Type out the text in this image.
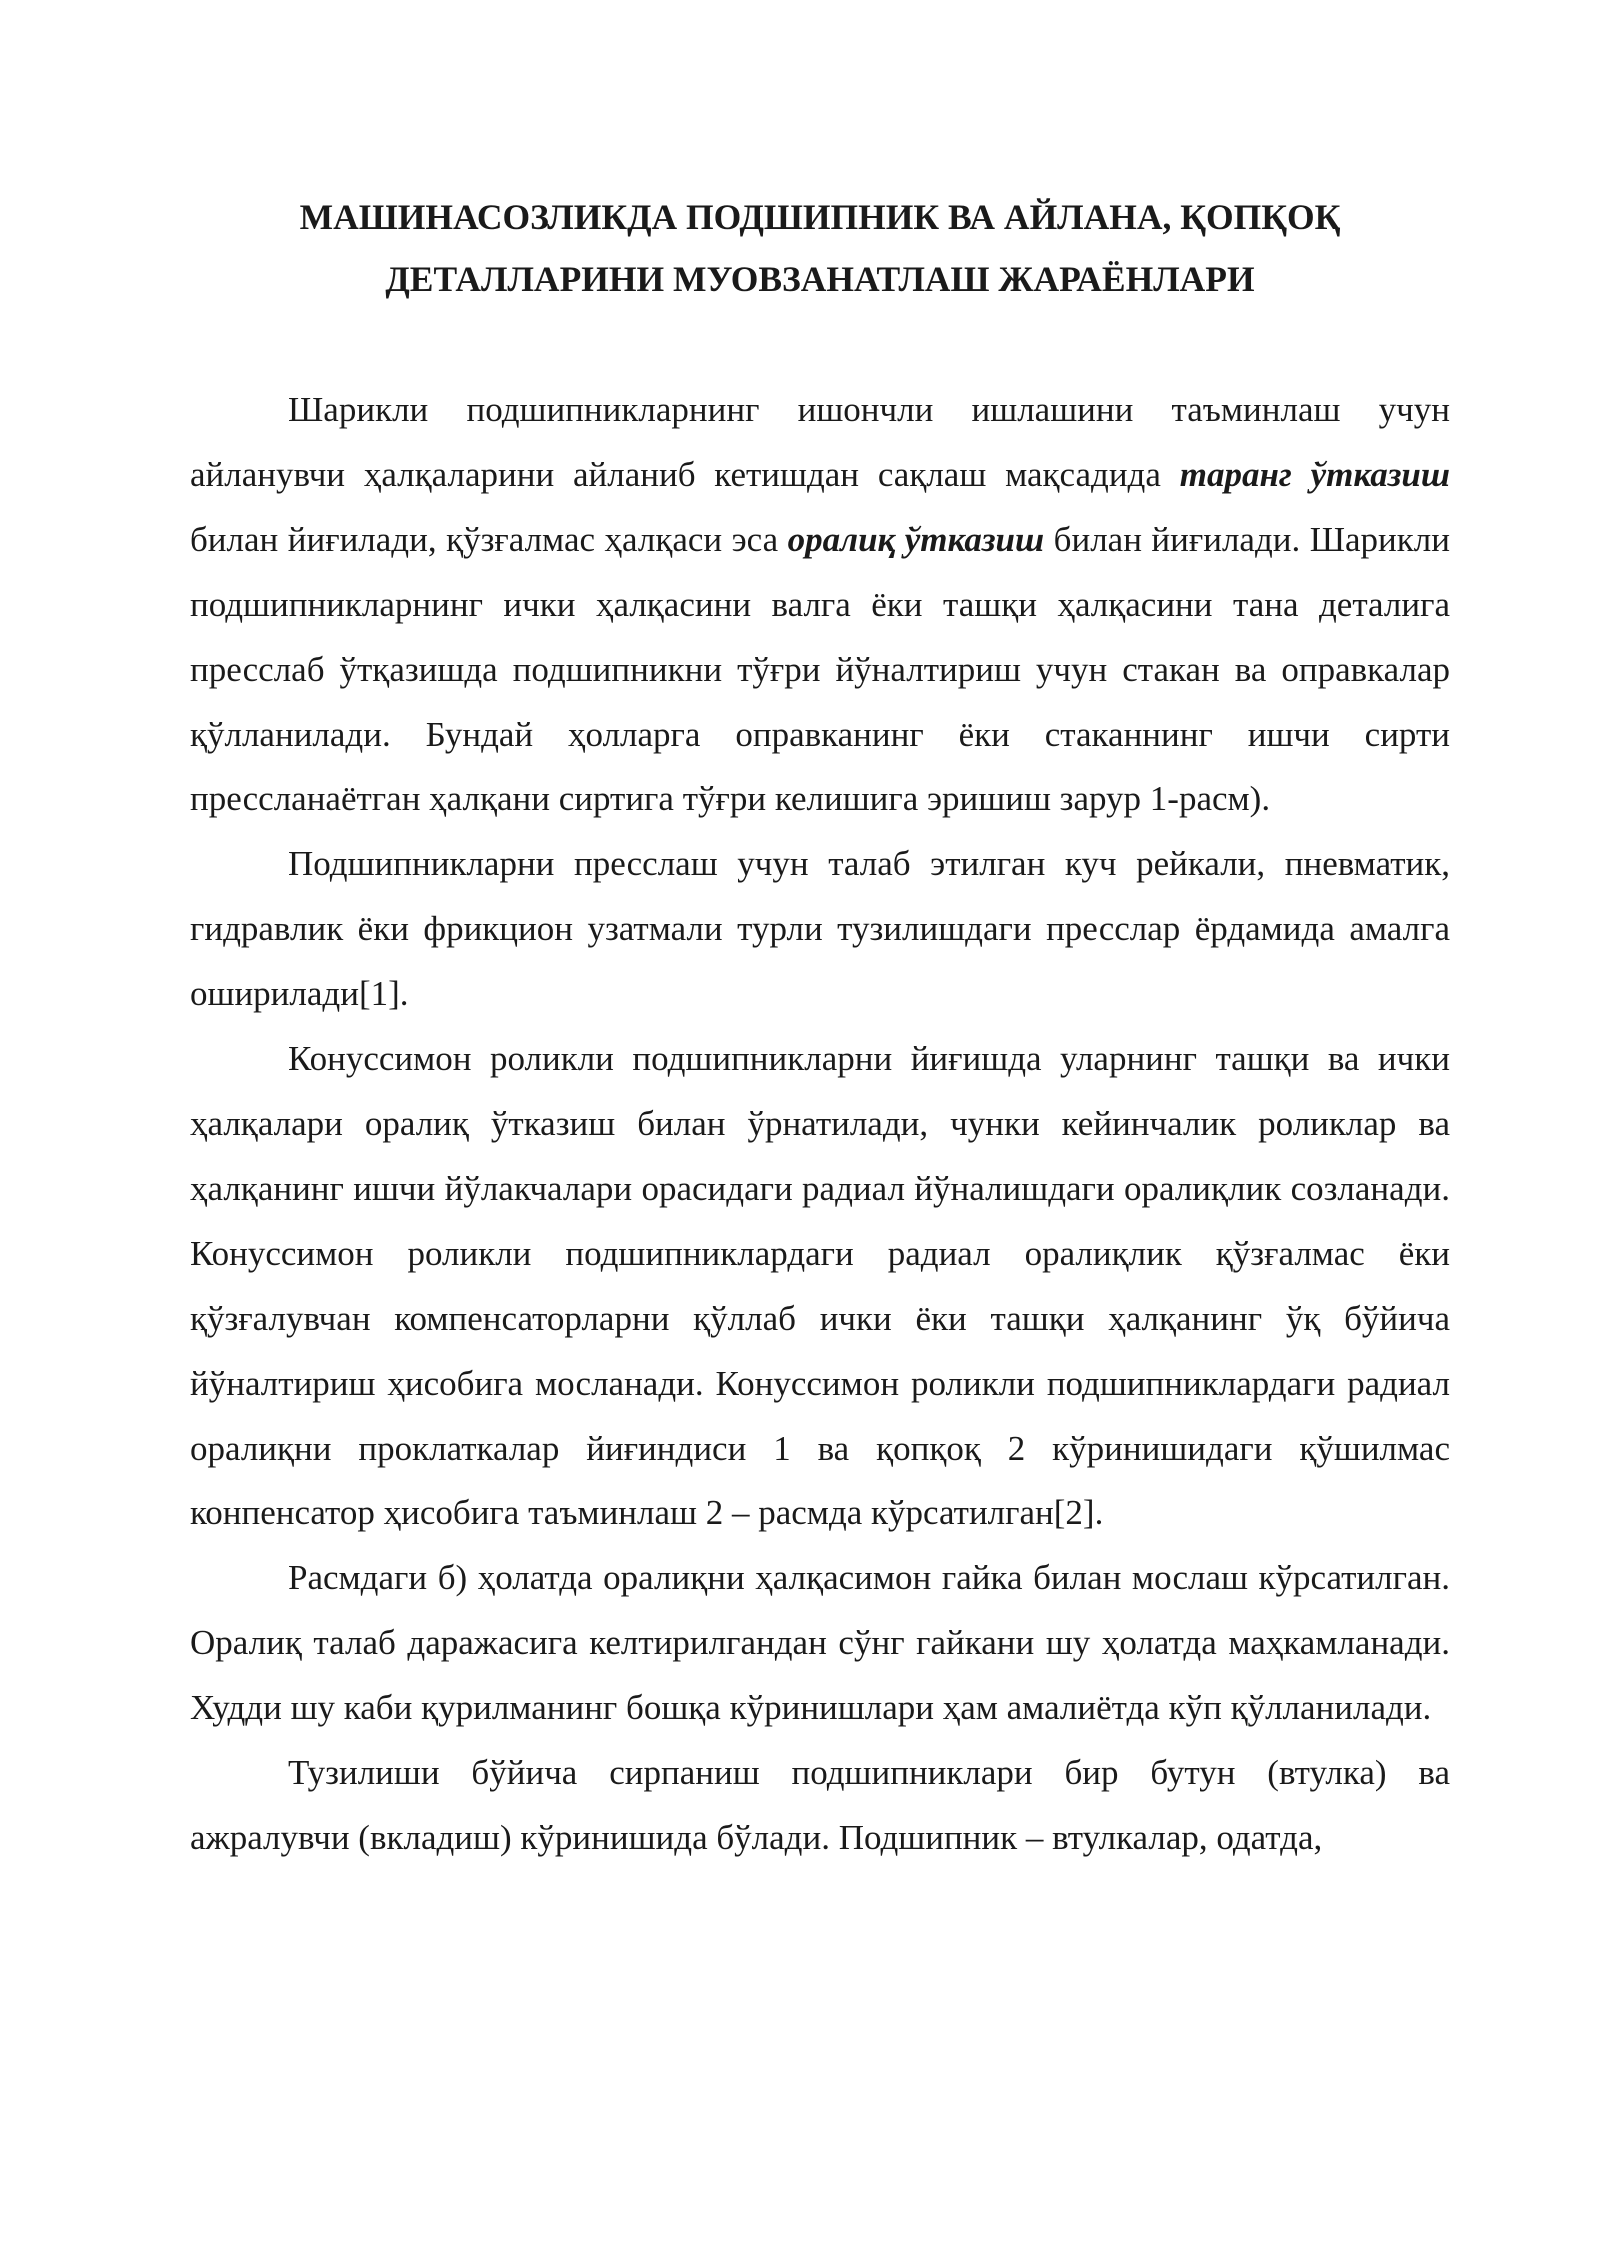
МАШИНАСОЗЛИКДА ПОДШИПНИК ВА АЙЛАНА, ҚОПҚОҚ
ДЕТАЛЛАРИНИ МУОВЗАНАТЛАШ ЖАРАЁНЛАРИ

Шарикли подшипникларнинг ишончли ишлашини таъминлаш учун айланувчи ҳалқаларини айланиб кетишдан сақлаш мақсадида таранг ўтказиш билан йиғилади, қўзғалмас ҳалқаси эса оралиқ ўтказиш билан йиғилади. Шарикли подшипникларнинг ички ҳалқасини валга ёки ташқи ҳалқасини тана деталига пресслаб ўтқазишда подшипникни тўғри йўналтириш учун стакан ва оправкалар қўлланилади. Бундай ҳолларга оправканинг ёки стаканнинг ишчи сирти прессланаётган ҳалқани сиртига тўғри келишига эришиш зарур 1-расм).

Подшипникларни пресслаш учун талаб этилган куч рейкали, пневматик, гидравлик ёки фрикцион узатмали турли тузилишдаги пресслар ёрдамида амалга оширилади[1].

Конуссимон роликли подшипникларни йиғишда уларнинг ташқи ва ички ҳалқалари оралиқ ўтказиш билан ўрнатилади, чунки кейинчалик роликлар ва ҳалқанинг ишчи йўлакчалари орасидаги радиал йўналишдаги оралиқлик созланади. Конуссимон роликли подшипниклардаги радиал оралиқлик қўзғалмас ёки қўзғалувчан компенсаторларни қўллаб ички ёки ташқи ҳалқанинг ўқ бўйича йўналтириш ҳисобига мосланади. Конуссимон роликли подшипниклардаги радиал оралиқни проклаткалар йиғиндиси 1 ва қопқоқ 2 кўринишидаги қўшилмас конпенсатор ҳисобига таъминлаш 2 – расмда кўрсатилган[2].

Расмдаги б) ҳолатда оралиқни ҳалқасимон гайка билан мослаш кўрсатилган. Оралиқ талаб даражасига келтирилгандан сўнг гайкани шу ҳолатда маҳкамланади. Худди шу каби қурилманинг бошқа кўринишлари ҳам амалиётда кўп қўлланилади.

Тузилиши бўйича сирпаниш подшипниклари бир бутун (втулка) ва ажралувчи (вкладиш) кўринишида бўлади. Подшипник – втулкалар, одатда,
